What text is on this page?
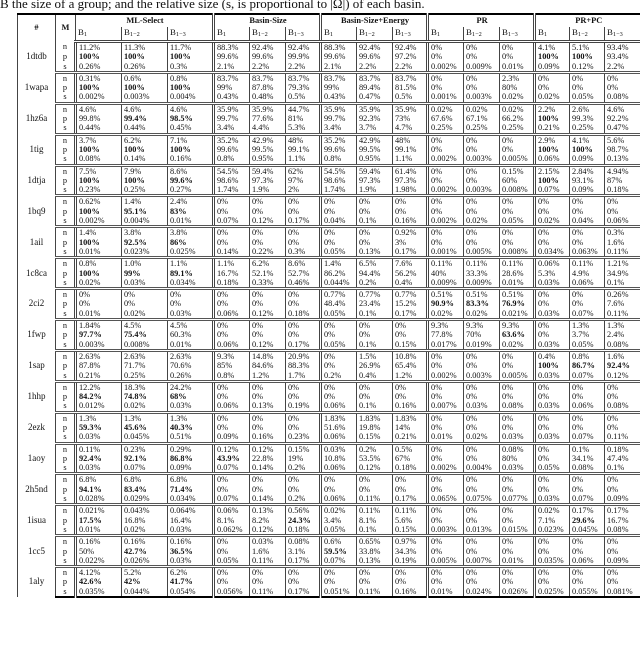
B the size of a group; and the relative size (s, is proportional to |Ω|) of each basin.
#	M	ML-Select			Basin-Size			Basin-Size+Energy			PR			PR+PC		
		$B_1$	$B_{1-2}$	$B_{1-3}$	$B_1$	$B_{1-2}$	$B_{1-3}$	$B_1$	$B_{1-2}$	$B_{1-3}$	$B_1$	$B_{1-2}$	$B_{1-3}$	$B_1$	$B_{1-2}$	$B_{1-3}$
1dtdb	n	11.2%	11.3%	11.7%	88.3%	92.4%	92.4%	88.3%	92.4%	92.4%	0%	0%	0%	4.1%	5.1%	93.4%
	p	100%	100%	100%	99.6%	99.6%	99.9%	99.6%	99.6%	97.2%	0%	0%	0%	100%	100%	93.4%
	s	0.26%	0.26%	0.3%	2.1%	2.2%	2.2%	2.1%	2.2%	2.2%	0.002%	0.009%	0.01%	0.09%	0.12%	2.2%
1wapa	n	0.31%	0.6%	0.8%	83.7%	83.7%	83.7%	83.7%	83.7%	83.7%	0%	0%	2.3%	0%	0%	0%
	p	100%	100%	100%	99%	87.8%	79.3%	99%	89.4%	81.5%	0%	0%	80%	0%	0%	0%
	s	0.002%	0.003%	0.004%	0.43%	0.48%	0.5%	0.43%	0.47%	0.5%	0.001%	0.003%	0.02%	0.02%	0.05%	0.08%
1hz6a	n	4.6%	4.6%	4.6%	35.9%	35.9%	44.7%	35.9%	35.9%	35.9%	0.02%	0.02%	0.02%	2.2%	2.6%	4.6%
	p	99.8%	99.4%	98.5%	99.7%	77.6%	81%	99.7%	92.3%	73%	67.6%	67.1%	66.2%	100%	99.3%	92.2%
	s	0.44%	0.44%	0.45%	3.4%	4.4%	5.3%	3.4%	3.7%	4.7%	0.25%	0.25%	0.25%	0.21%	0.25%	0.47%
1tig	n	3.7%	6.2%	7.1%	35.2%	42.9%	48%	35.2%	42.9%	48%	0%	0%	0%	2.9%	4.1%	5.6%
	p	100%	100%	100%	99.6%	99.5%	99.1%	99.6%	99.5%	99.1%	0%	0%	0%	100%	100%	98.7%
	s	0.08%	0.14%	0.16%	0.8%	0.95%	1.1%	0.8%	0.95%	1.1%	0.002%	0.003%	0.005%	0.06%	0.09%	0.13%
1dtja	n	7.5%	7.9%	8.6%	54.5%	59.4%	62%	54.5%	59.4%	61.4%	0%	0%	0.15%	2.15%	2.84%	4.94%
	p	100%	100%	99.6%	98.6%	97.3%	97%	98.6%	97.3%	97.3%	0%	0%	60%	100%	93.1%	87%
	s	0.23%	0.25%	0.27%	1.74%	1.9%	2%	1.74%	1.9%	1.98%	0.002%	0.003%	0.008%	0.07%	0.09%	0.18%
1bq9	n	0.62%	1.4%	2.4%	0%	0%	0%	0%	0%	0%	0%	0%	0%	0%	0%	0%
	p	100%	95.1%	83%	0%	0%	0%	0%	0%	0%	0%	0%	0%	0%	0%	0%
	s	0.002%	0.004%	0.01%	0.07%	0.12%	0.17%	0.04%	0.1%	0.16%	0.002%	0.02%	0.05%	0.02%	0.04%	0.06%
1ail	n	1.4%	3.8%	3.8%	0%	0%	0%	0%	0%	0.92%	0%	0%	0%	0%	0%	0.3%
	p	100%	92.5%	86%	0%	0%	0%	0%	0%	3%	0%	0%	0%	0%	0%	1.6%
	s	0.01%	0.023%	0.025%	0.14%	0.22%	0.3%	0.05%	0.13%	0.17%	0.001%	0.005%	0.008%	0.034%	0.063%	0.11%
1c8ca	n	0.8%	1.0%	1.1%	1.1%	6.2%	8.6%	1.4%	6.5%	7.6%	0.11%	0.11%	0.11%	0.06%	0.11%	1.21%
	p	100%	99%	89.1%	16.7%	52.1%	52.7%	86.2%	94.4%	56.2%	40%	33.3%	28.6%	5.3%	4.9%	34.9%
	s	0.02%	0.03%	0.034%	0.18%	0.33%	0.46%	0.044%	0.2%	0.4%	0.009%	0.009%	0.01%	0.03%	0.06%	0.1%
2ci2	n	0%	0%	0%	0%	0%	0%	0.77%	0.77%	0.77%	0.51%	0.51%	0.51%	0%	0%	0.26%
	p	0%	0%	0%	0%	0%	0%	48.4%	23.4%	15.2%	90.9%	83.3%	76.9%	0%	0%	7.6%
	s	0.01%	0.02%	0.03%	0.06%	0.12%	0.18%	0.05%	0.1%	0.17%	0.02%	0.02%	0.021%	0.03%	0.07%	0.11%
1fwp	n	1.84%	4.5%	4.5%	0%	0%	0%	0%	0%	0%	9.3%	9.3%	9.3%	0%	1.3%	1.3%
	p	97.7%	75.4%	60.3%	0%	0%	0%	0%	0%	0%	77.8%	70%	63.6%	0%	3.7%	2.4%
	s	0.003%	0.008%	0.01%	0.06%	0.12%	0.17%	0.05%	0.1%	0.15%	0.017%	0.019%	0.02%	0.03%	0.05%	0.08%
1sap	n	2.63%	2.63%	2.63%	9.3%	14.8%	20.9%	0%	1.5%	10.8%	0%	0%	0%	0.4%	0.8%	1.6%
	p	87.8%	71.7%	70.6%	85%	84.6%	88.3%	0%	26.9%	65.4%	0%	0%	0%	100%	86.7%	92.4%
	s	0.21%	0.25%	0.26%	0.8%	1.2%	1.7%	0.2%	0.4%	1.2%	0.002%	0.003%	0.005%	0.03%	0.07%	0.12%
1hhp	n	12.2%	18.3%	24.2%	0%	0%	0%	0%	0%	0%	0%	0%	0%	0%	0%	0%
	p	84.2%	74.8%	68%	0%	0%	0%	0%	0%	0%	0%	0%	0%	0%	0%	0%
	s	0.012%	0.02%	0.03%	0.06%	0.13%	0.19%	0.06%	0.1%	0.16%	0.007%	0.03%	0.08%	0.03%	0.06%	0.08%
2ezk	n	1.3%	1.3%	1.3%	0%	0%	0%	1.83%	1.83%	1.83%	0%	0%	0%	0%	0%	0%
	p	59.3%	45.6%	40.3%	0%	0%	0%	51.6%	19.8%	14%	0%	0%	0%	0%	0%	0%
	s	0.03%	0.045%	0.51%	0.09%	0.16%	0.23%	0.06%	0.15%	0.21%	0.01%	0.02%	0.03%	0.03%	0.07%	0.11%
1aoy	n	0.11%	0.23%	0.29%	0.12%	0.12%	0.15%	0.03%	0.2%	0.5%	0%	0%	0.08%	0%	0.1%	0.18%
	p	92.4%	92.1%	86.8%	43.9%	22.8%	19%	10.8%	53.5%	67%	0%	0%	80%	0%	34.1%	47.4%
	s	0.03%	0.07%	0.09%	0.07%	0.14%	0.2%	0.06%	0.12%	0.18%	0.002%	0.004%	0.03%	0.05%	0.08%	0.1%
2h5nd	n	6.8%	6.8%	6.8%	0%	0%	0%	0%	0%	0%	0%	0%	0%	0%	0%	0%
	p	94.1%	83.4%	71.4%	0%	0%	0%	0%	0%	0%	0%	0%	0%	0%	0%	0%
	s	0.028%	0.029%	0.034%	0.07%	0.14%	0.2%	0.06%	0.11%	0.17%	0.065%	0.075%	0.077%	0.03%	0.07%	0.09%
1isua	n	0.021%	0.043%	0.064%	0.06%	0.13%	0.56%	0.02%	0.11%	0.11%	0%	0%	0%	0.02%	0.17%	0.17%
	p	17.5%	16.8%	16.4%	8.1%	8.2%	24.3%	3.4%	8.1%	5.6%	0%	0%	0%	7.1%	29.6%	16.7%
	s	0.01%	0.02%	0.03%	0.062%	0.12%	0.18%	0.05%	0.1%	0.15%	0.003%	0.013%	0.015%	0.023%	0.045%	0.08%
1cc5	n	0.16%	0.16%	0.16%	0%	0.03%	0.08%	0.6%	0.65%	0.97%	0%	0%	0%	0%	0%	0%
	p	50%	42.7%	36.5%	0%	1.6%	3.1%	59.5%	33.8%	34.3%	0%	0%	0%	0%	0%	0%
	s	0.022%	0.026%	0.03%	0.05%	0.11%	0.17%	0.07%	0.13%	0.19%	0.005%	0.007%	0.01%	0.035%	0.06%	0.09%
1aly	n	4.12%	5.2%	6.2%	0%	0%	0%	0%	0%	0%	0%	0%	0%	0%	0%	0%
	p	42.6%	42%	41.7%	0%	0%	0%	0%	0%	0%	0%	0%	0%	0%	0%	0%
	s	0.035%	0.044%	0.054%	0.056%	0.11%	0.17%	0.051%	0.11%	0.16%	0.01%	0.024%	0.026%	0.025%	0.055%	0.081%
